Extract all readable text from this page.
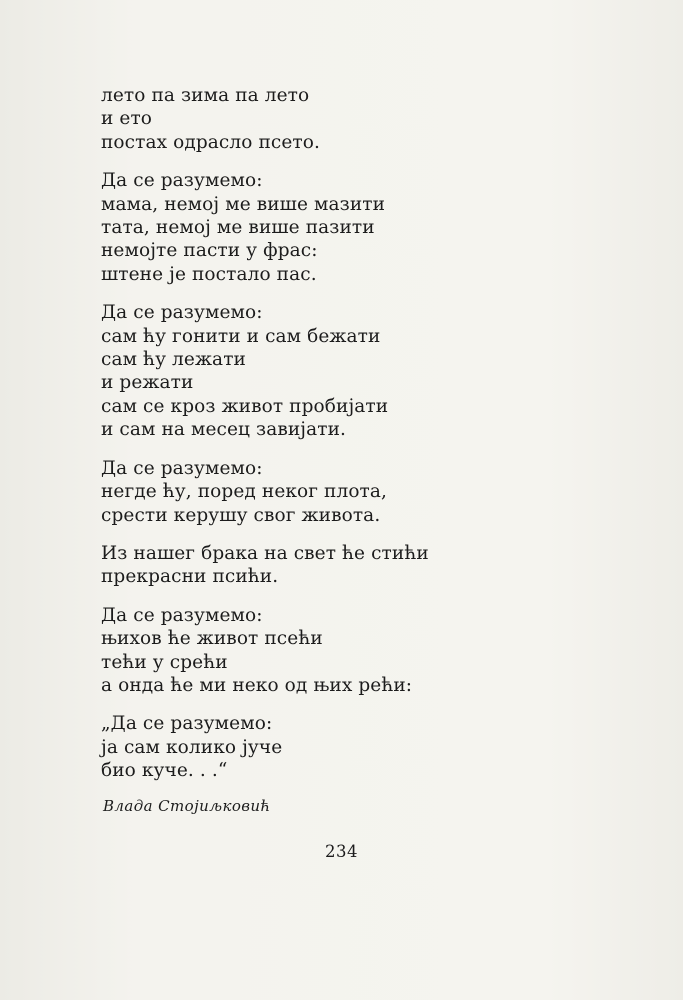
лето па зима па лето
и ето
постах одрасло псето.
Да се разумемо:
мама, немој ме више мазити
тата, немој ме више пазити
немојте пасти у фрас:
штене је постало пас.
Да се разумемо:
сам ћу гонити и сам бежати
сам ћу лежати
и режати
сам се кроз живот пробијати
и сам на месец завијати.
Да се разумемо:
негде ћу, поред неког плота,
срести керушу свог живота.
Из нашег брака на свет ће стићи
прекрасни псићи.
Да се разумемо:
њихов ће живот псећи
тећи у срећи
а онда ће ми неко од њих рећи:
„Да се разумемо:
ја сам колико јуче
био куче. . .“
Влада Стојиљковић
234
